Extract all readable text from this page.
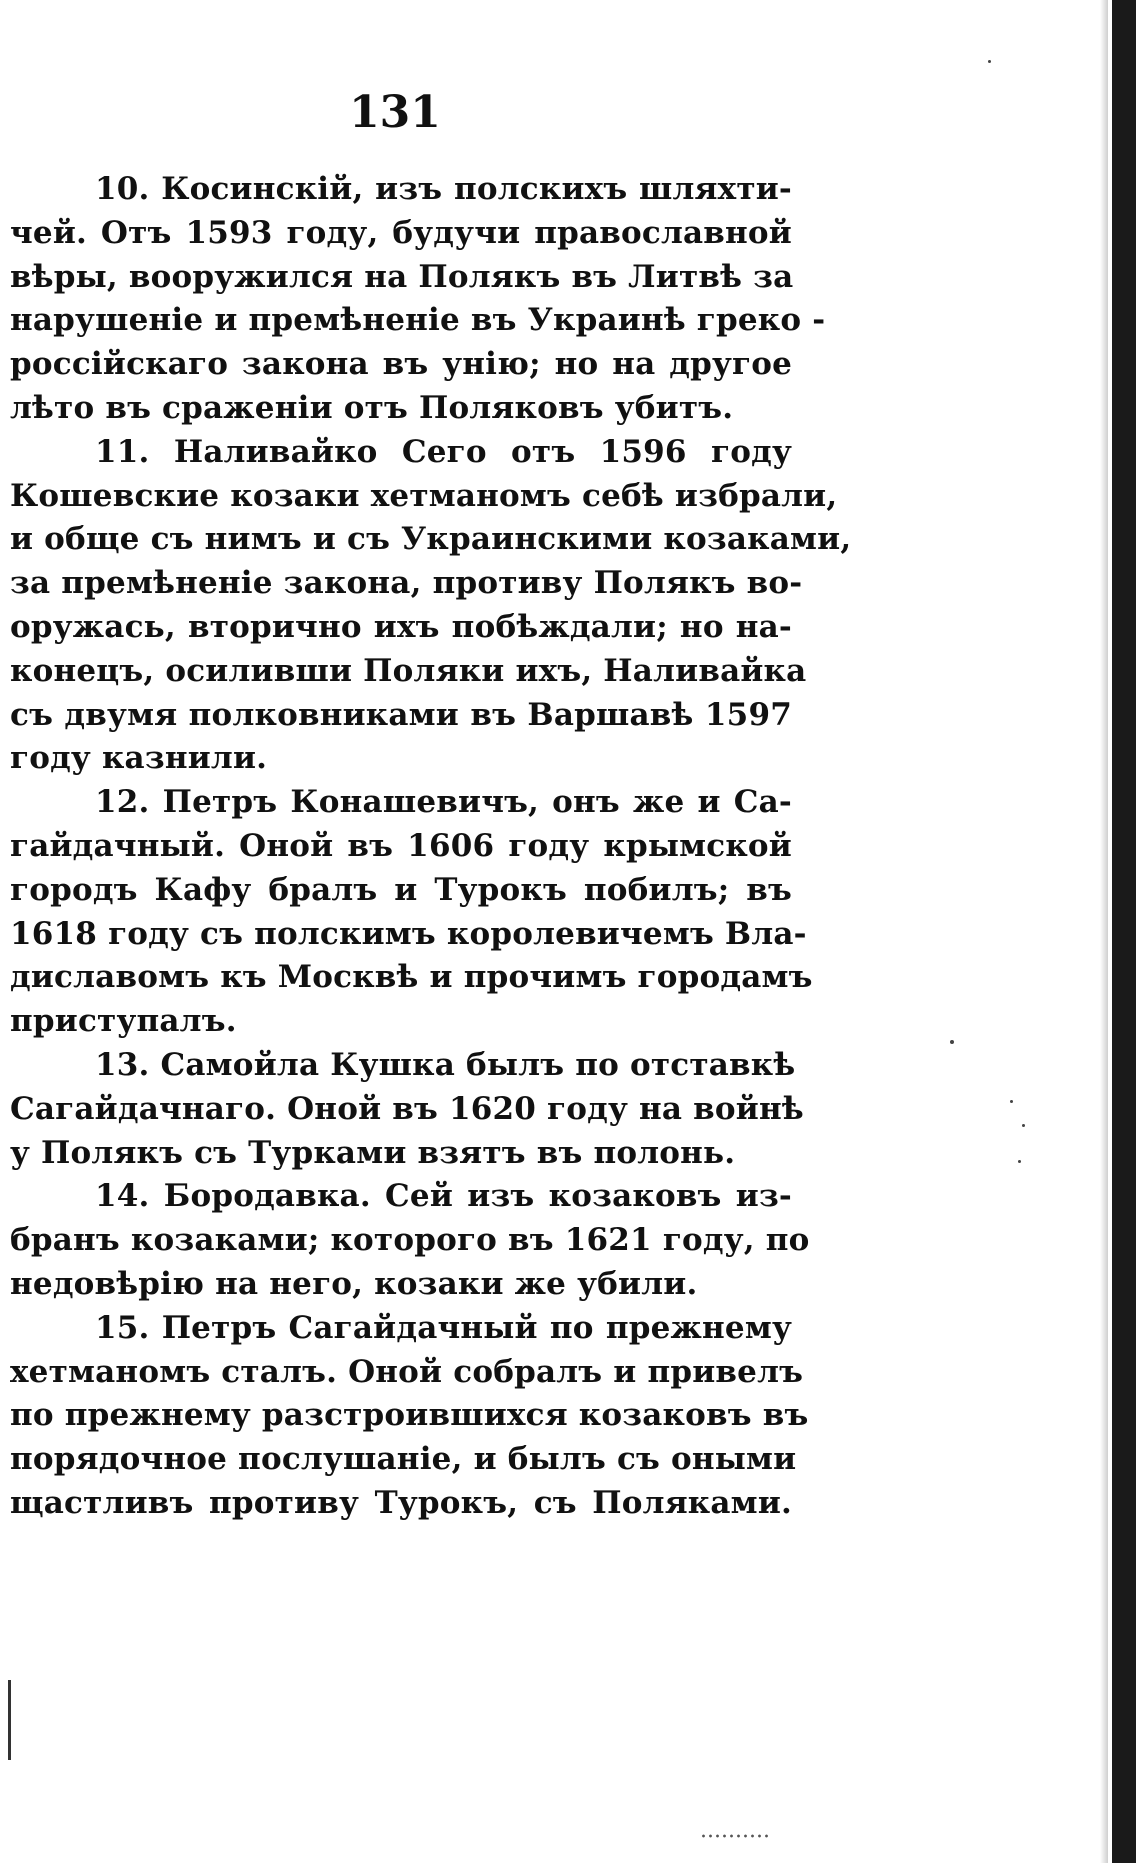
131
10. Косинскій, изъ полскихъ шляхти-
чей. Отъ 1593 году, будучи православной
вѣры, вооружился на Полякъ въ Литвѣ за
нарушеніе и премѣненіе въ Украинѣ греко -
россійскаго закона въ унію; но на другое
лѣто въ сраженіи отъ Поляковъ убитъ.
11. Наливайко Сего отъ 1596 году
Кошевские козаки хетманомъ себѣ избрали,
и обще съ нимъ и съ Украинскими козаками,
за премѣненіе закона, противу Полякъ во-
оружась, вторично ихъ побѣждали; но на-
конецъ, осиливши Поляки ихъ, Наливайка
съ двумя полковниками въ Варшавѣ 1597
году казнили.
12. Петръ Конашевичъ, онъ же и Са-
гайдачный. Оной въ 1606 году крымской
городъ Кафу бралъ и Турокъ побилъ; въ
1618 году съ полскимъ королевичемъ Вла-
диславомъ къ Москвѣ и прочимъ городамъ
приступалъ.
13. Самойла Кушка былъ по отставкѣ
Сагайдачнаго. Оной въ 1620 году на войнѣ
у Полякъ съ Турками взятъ въ полонь.
14. Бородавка. Сей изъ козаковъ из-
бранъ козаками; которого въ 1621 году, по
недовѣрію на него, козаки же убили.
15. Петръ Сагайдачный по прежнему
хетманомъ сталъ. Оной собралъ и привелъ
по прежнему разстроившихся козаковъ въ
порядочное послушаніе, и былъ съ оными
щастливъ противу Турокъ, съ Поляками.
